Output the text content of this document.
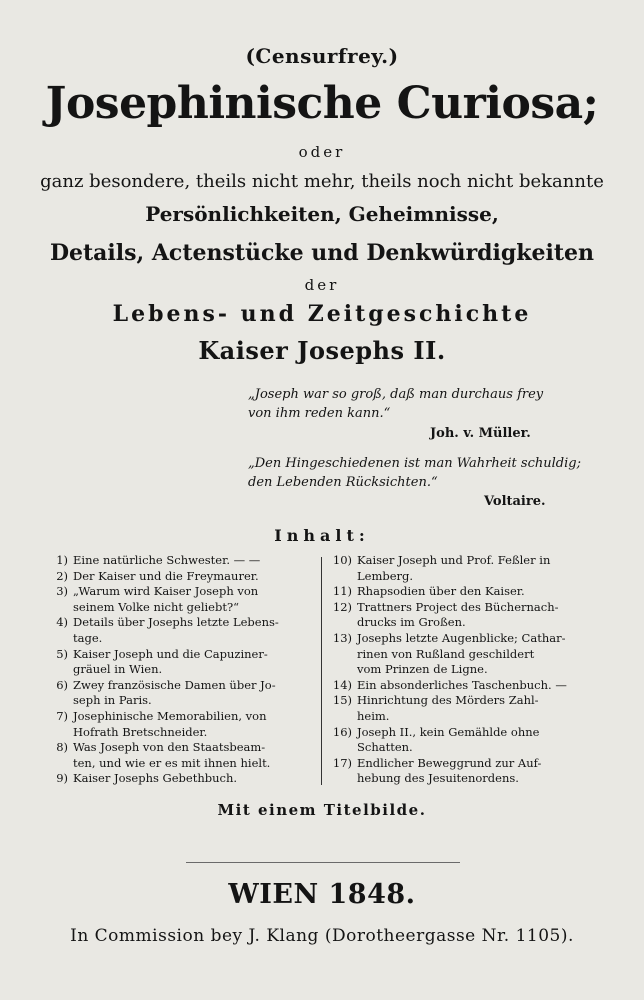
(Censurfrey.)
Josephinische Curiosa;
oder
ganz besondere, theils nicht mehr, theils noch nicht bekannte
Persönlichkeiten, Geheimnisse,
Details, Actenstücke und Denkwürdigkeiten
der
Lebens- und Zeitgeschichte
Kaiser Josephs II.
„Joseph war so groß, daß man durchaus frey
von ihm reden kann.“
Joh. v. Müller.
„Den Hingeschiedenen ist man Wahrheit schuldig;
den Lebenden Rücksichten.“
Voltaire.
Inhalt:
1) Eine natürliche Schwester. — —
2) Der Kaiser und die Freymaurer.
3) „Warum wird Kaiser Joseph von
seinem Volke nicht geliebt?“
4) Details über Josephs letzte Lebens-
tage.
5) Kaiser Joseph und die Capuziner-
gräuel in Wien.
6) Zwey französische Damen über Jo-
seph in Paris.
7) Josephinische Memorabilien, von
Hofrath Bretschneider.
8) Was Joseph von den Staatsbeam-
ten, und wie er es mit ihnen hielt.
9) Kaiser Josephs Gebethbuch.
10) Kaiser Joseph und Prof. Feßler in
Lemberg.
11) Rhapsodien über den Kaiser.
12) Trattners Project des Büchernach-
drucks im Großen.
13) Josephs letzte Augenblicke; Cathar-
rinen von Rußland geschildert
vom Prinzen de Ligne.
14) Ein absonderliches Taschenbuch. —
15) Hinrichtung des Mörders Zahl-
heim.
16) Joseph II., kein Gemählde ohne
Schatten.
17) Endlicher Beweggrund zur Auf-
hebung des Jesuitenordens.
Mit einem Titelbilde.
WIEN 1848.
In Commission bey J. Klang (Dorotheergasse Nr. 1105).
